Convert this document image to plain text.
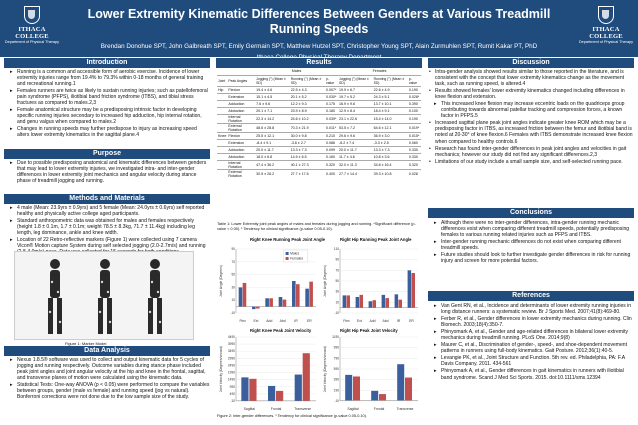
ITHACA COLLEGE
Department of Physical Therapy
Lower Extremity Kinematic Differences Between Genders at Various Treadmill Running Speeds
Brendan Donohue SPT, John Galbreath SPT, Emily Germain SPT, Matthew Hutzel SPT, Christopher Young SPT, Alain Zurmuhlen SPT, Rumit Kakar PT, PhD
ITHACA COLLEGE
Department of Physical Therapy
Introduction
▸ Running is a common and accessible form of aerobic exercise. Incidence of lower extremity injuries range from 19.4% to 79.3% within 0-18 months of general training and recreational running.1
▸ Females runners are twice as likely to sustain running injuries; such as patellofemoral pain syndrome (PFPS), iliotibial band friction syndrome (ITBS), and tibial stress fractures as compared to males.2,3
▸ Female anatomical structure may be a predisposing intrinsic factor in developing specific running injuries secondary to increased hip adduction, hip internal rotation, and genu valgus when compared to males.2
▸ Changes in running speeds may further predispose to injury as increasing speed alters lower extremity kinematics in the sagittal plane.4
Purpose
▸ Due to possible predisposing anatomical and kinematic differences between genders that may lead to lower extremity injuries, we investigated intra- and inter-gender differences in lower extremity joint mechanics and angular velocity during stance phase of treadmill jogging and running.
Methods and Materials
▸ 4 male (Mean: 23.9yrs ± 0.9yrs) and 5 female (Mean: 24.0yrs ± 0.6yrs) self reported healthy and physically active college aged participants.
▸ Standard anthropometric data was obtained for males and females respectively (height 1.8 ± 0.1m, 1.7 ± 0.1m; weight 78.5 ± 8.3kg, 71.7 ± 11.4kg) including leg length, leg dominance, ankle and knee width.
▸ Location of 22 Retro-reflective markers (Figure 1) were collected using 7 camera Vicon® Motion capture System during self selected jogging (2.0-2.7m/s) and running
Figure 1: Marker Model
Data Analysis
▸ Nexus 1.8.5® software was used to collect and output kinematic data for 5 cycles of jogging and running respectively. Outcome variables during stance phase included peak joint angles and joint angular velocity at the hip and knee in the frontal, sagittal, and transverse planes of motion were calculated using the kinematic data.
▸ Statistical Tests: One-way ANOVA (p < 0.05) were performed to compare the variables between groups, gender (male vs female) and running speed (jog vs natural). Bonferroni corrections were not done due to the low sample size of the study.
Results
		Males			Females		
Joint	Peak Angles	Jogging (°) (Mean ± SD)	Running (°) (Mean ± SD)	p-value	Jogging (°) (Mean ± SD)	Running (°) (Mean ± SD)	p-value
Hip	Flexion	19.4 ± 4.6	22.5 ± 4.3	0.007*	19.9 ± 6.7	22.6 ± 4.9	0.190
	Extension	15.1 ± 4.5	20.1 ± 5.2	0.030*	19.7 ± 5.2	24.3 ± 5.1	0.028*
	Adduction	7.6 ± 9.6	12.2 ± 9.3	0.175	16.9 ± 9.6	13.7 ± 10.1	0.390
	Abduction	20.1 ± 7.1	23.9 ± 8.9	0.180	12.9 ± 8.4	18.4 ± 9.1	0.100
	Internal Rotation	22.3 ± 14.2	24.6 ± 10.2	0.039*	23.1 ± 22.6	15.4 ± 14.0	0.190
	External Rotation	48.6 ± 28.8	70.3 ± 21.9	0.011*	53.5 ± 7.2	64.6 ± 12.1	0.019*
Knee	Flexion	25.5 ± 12.1	30.0 ± 9.8	0.210	29.6 ± 9.6	36.9 ± 3.0	0.015*
	Extension	-8.4 ± 9.1	-3.6 ± 2.7	0.086	-6.2 ± 7.4	-3.3 ± 2.5	0.060
	Adduction	20.0 ± 11.7	13.3 ± 7.3	0.099	20.0 ± 11.7	13.3 ± 7.3	0.330
	Abduction	18.0 ± 6.8	14.5 ± 6.5	0.160	11.7 ± 4.6	10.8 ± 3.6	0.330
	Internal Rotation	47.4 ± 36.2	40.1 ± 27.3	0.320	32.0 ± 11.3	34.8 ± 16.4	0.320
	External Rotation	30.5 ± 26.2	27.7 ± 17.6	0.400	27.7 ± 14.4	39.3 ± 10.8	0.028
Table 1: Lower Extremity joint peak angles of males and females during jogging and running. *Significant difference (p-value < 0.05). ¹ Tendency for clinical significance (p-value 0.05-0.10).
Right Knee Running Peak Joint Angle
-10
10
30
50
70
90
Joint Angle (Degrees)
Flex Ext Add Abd	IR	ER
Males
Females
Right Hip Running Peak Joint Angle
-10
10
30
50
70
90
110
Joint Angle (Degrees)
Flex Ext Add Abd IR	ER
Right Knee Peak Joint Velocity
-10
490
990
1490
1990
2490
2990
3490
3990
4490
Joint Velocity (Degrees/second)
Sagittal	Frontal	Transverse
Right Hip Peak Joint Velocity
-10
190
390
590
790
990
1190
Joint Velocity (Degrees/second)
Sagittal	Frontal	Transverse
Figure 2: Inter-gender differences. ¹ Tendency for clinical significance (p-value 0.05-0.10).
Discussion
• Intra-gender analysis showed results similar to those reported in the literature, and is consistent with the concept that lower extremity kinematics change as the movement task, such as running speed, is altered.4
• Results showed females' lower extremity kinematics changed including differences in knee flexion and extension.
▸ This increased knee flexion may increase eccentric loads on the quadriceps group contributing towards abnormal patellar tracking and compression forces, a known factor in PFPS.5
• Increased sagittal plane peak joint angles indicate greater knee ROM which may be a predisposing factor in ITBS, as increased friction between the femur and iliotibial band is noted at 20-30° of knee flexion.6 Females with ITBS demonstrate increased knee flexion when compared to healthy controls.6
• Research has found inter-gender differences in peak joint angles and velocities in gait mechanics; however our study did not find any significant differences.2,3
• Limitations of our study include a small sample size, and self-selected running pace.
Conclusions
▸ Although there were no inter-gender differences, intra-gender running mechanic differences exist when comparing different treadmill speeds, potentially predisposing females to various running related injuries such as PFPS and ITBS.
▸ Inter-gender running mechanic differences do not exist when comparing different treadmill speeds.
▸ Future studies should look to further investigate gender differences in risk for running injury and screen for more potential factors.
References
▸ Van Gent RN, et al., Incidence and determinants of lower extremity running injuries in long distance runners: a systematic review. Br J Sports Med. 2007;41(8):469-80.
▸ Ferber R, et al., Gender differences in lower extremity mechanics during running. Clin Biomech. 2003;18(4):350-7.
▸ Phinyomark A, et al., Gender and age-related differences in bilateral lower extremity mechanics during treadmill running. PLoS One. 2014;9(8)
▸ Maurer C, et al., Discrimination of gender-, speed-, and shoe-dependent movement patterns in runners using full-body kinematics. Gait Posture. 2012;36(1):40-5.
▸ Levangie PK, et al., Joint Structure and Function. 5th rev. ed. Philadelphia, PA: F.A Davis Company. 2011. 434-561
▸ Phinyomark A, et al., Gender differences in gait kinematics in runners with iliotibial band syndrome. Scand J Med Sci Sports. 2015. doi:10.1111/sms.12394
